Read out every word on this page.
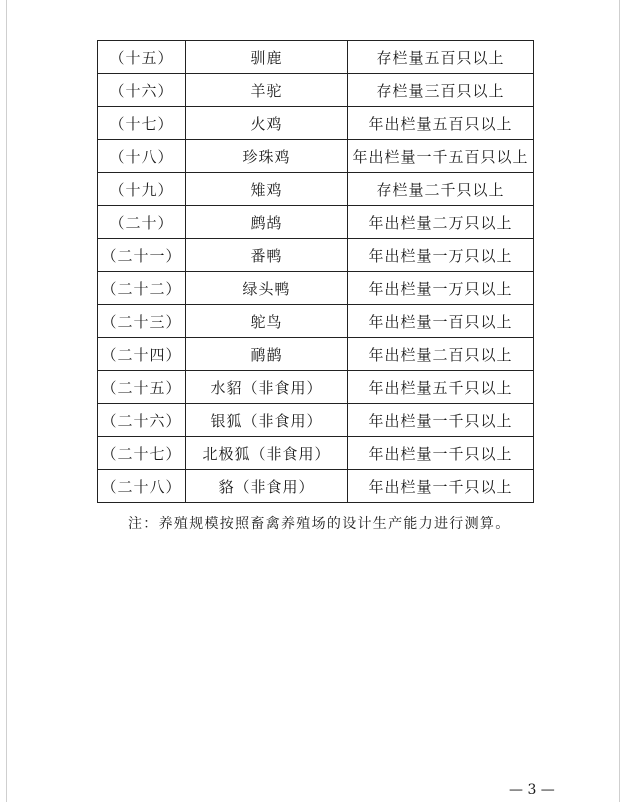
（十五）	驯鹿	存栏量五百只以上
（十六）	羊驼	存栏量三百只以上
（十七）	火鸡	年出栏量五百只以上
（十八）	珍珠鸡	年出栏量一千五百只以上
（十九）	雉鸡	存栏量二千只以上
（二十）	鹧鸪	年出栏量二万只以上
（二十一）	番鸭	年出栏量一万只以上
（二十二）	绿头鸭	年出栏量一万只以上
（二十三）	鸵鸟	年出栏量一百只以上
（二十四）	鸸鹋	年出栏量二百只以上
（二十五）	水貂（非食用）	年出栏量五千只以上
（二十六）	银狐（非食用）	年出栏量一千只以上
（二十七）	北极狐（非食用）	年出栏量一千只以上
（二十八）	貉（非食用）	年出栏量一千只以上
注：养殖规模按照畜禽养殖场的设计生产能力进行测算。
— 3 —
